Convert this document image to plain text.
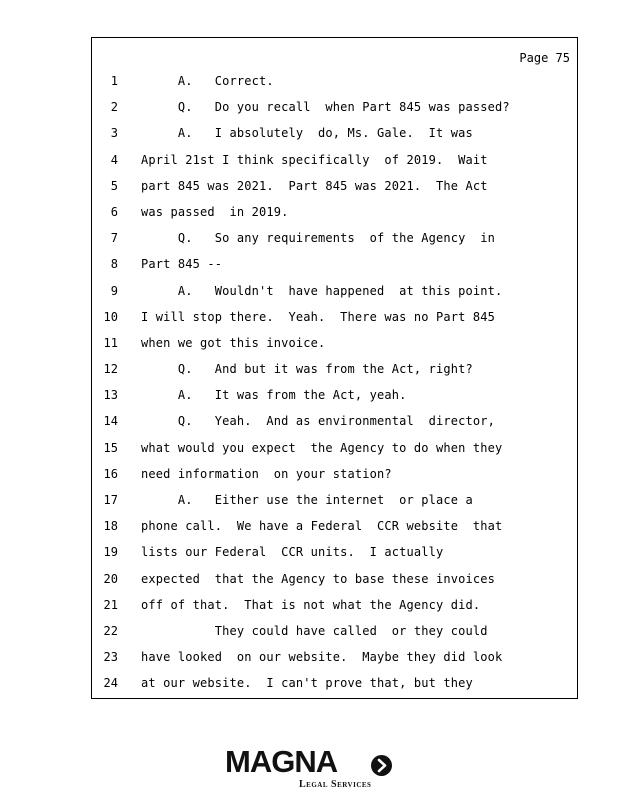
Page 75
1 A.   Correct.
2 Q.   Do you recall  when Part 845 was passed?
3 A.   I absolutely  do, Ms. Gale.  It was
4 April 21st I think specifically  of 2019.  Wait
5 part 845 was 2021.  Part 845 was 2021.  The Act
6 was passed  in 2019.
7 Q.   So any requirements  of the Agency  in
8 Part 845 --
9 A.   Wouldn't  have happened  at this point.
10 I will stop there.  Yeah.  There was no Part 845
11 when we got this invoice.
12 Q.   And but it was from the Act, right?
13 A.   It was from the Act, yeah.
14 Q.   Yeah.  And as environmental  director,
15 what would you expect  the Agency to do when they
16 need information  on your station?
17 A.   Either use the internet  or place a
18 phone call.  We have a Federal  CCR website  that
19 lists our Federal  CCR units.  I actually
20 expected  that the Agency to base these invoices
21 off of that.  That is not what the Agency did.
22 They could have called  or they could
23 have looked  on our website.  Maybe they did look
24 at our website.  I can't prove that, but they
MAGNA
Legal Services
